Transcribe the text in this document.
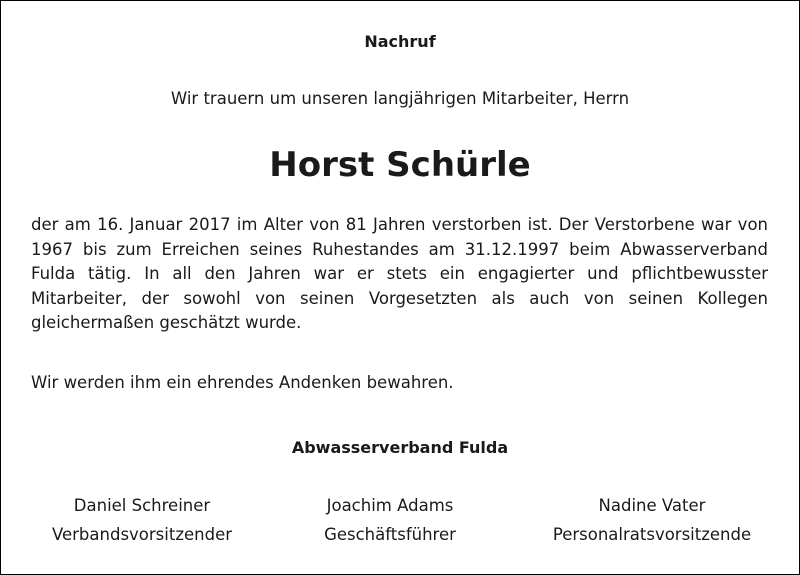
Nachruf
Wir trauern um unseren langjährigen Mitarbeiter, Herrn
Horst Schürle

der am 16. Januar 2017 im Alter von 81 Jahren verstorben ist. Der Verstorbene war von 1967 bis zum Erreichen seines Ruhestandes am 31.12.1997 beim Abwasserverband Fulda tätig. In all den Jahren war er stets ein engagierter und pflichtbewusster Mitarbeiter, der sowohl von seinen Vorgesetzten als auch von seinen Kollegen gleichermaßen geschätzt wurde.

Wir werden ihm ein ehrendes Andenken bewahren.
Abwasserverband Fulda
Daniel Schreiner
Verbandsvorsitzender
Joachim Adams
Geschäftsführer
Nadine Vater
Personalratsvorsitzende
